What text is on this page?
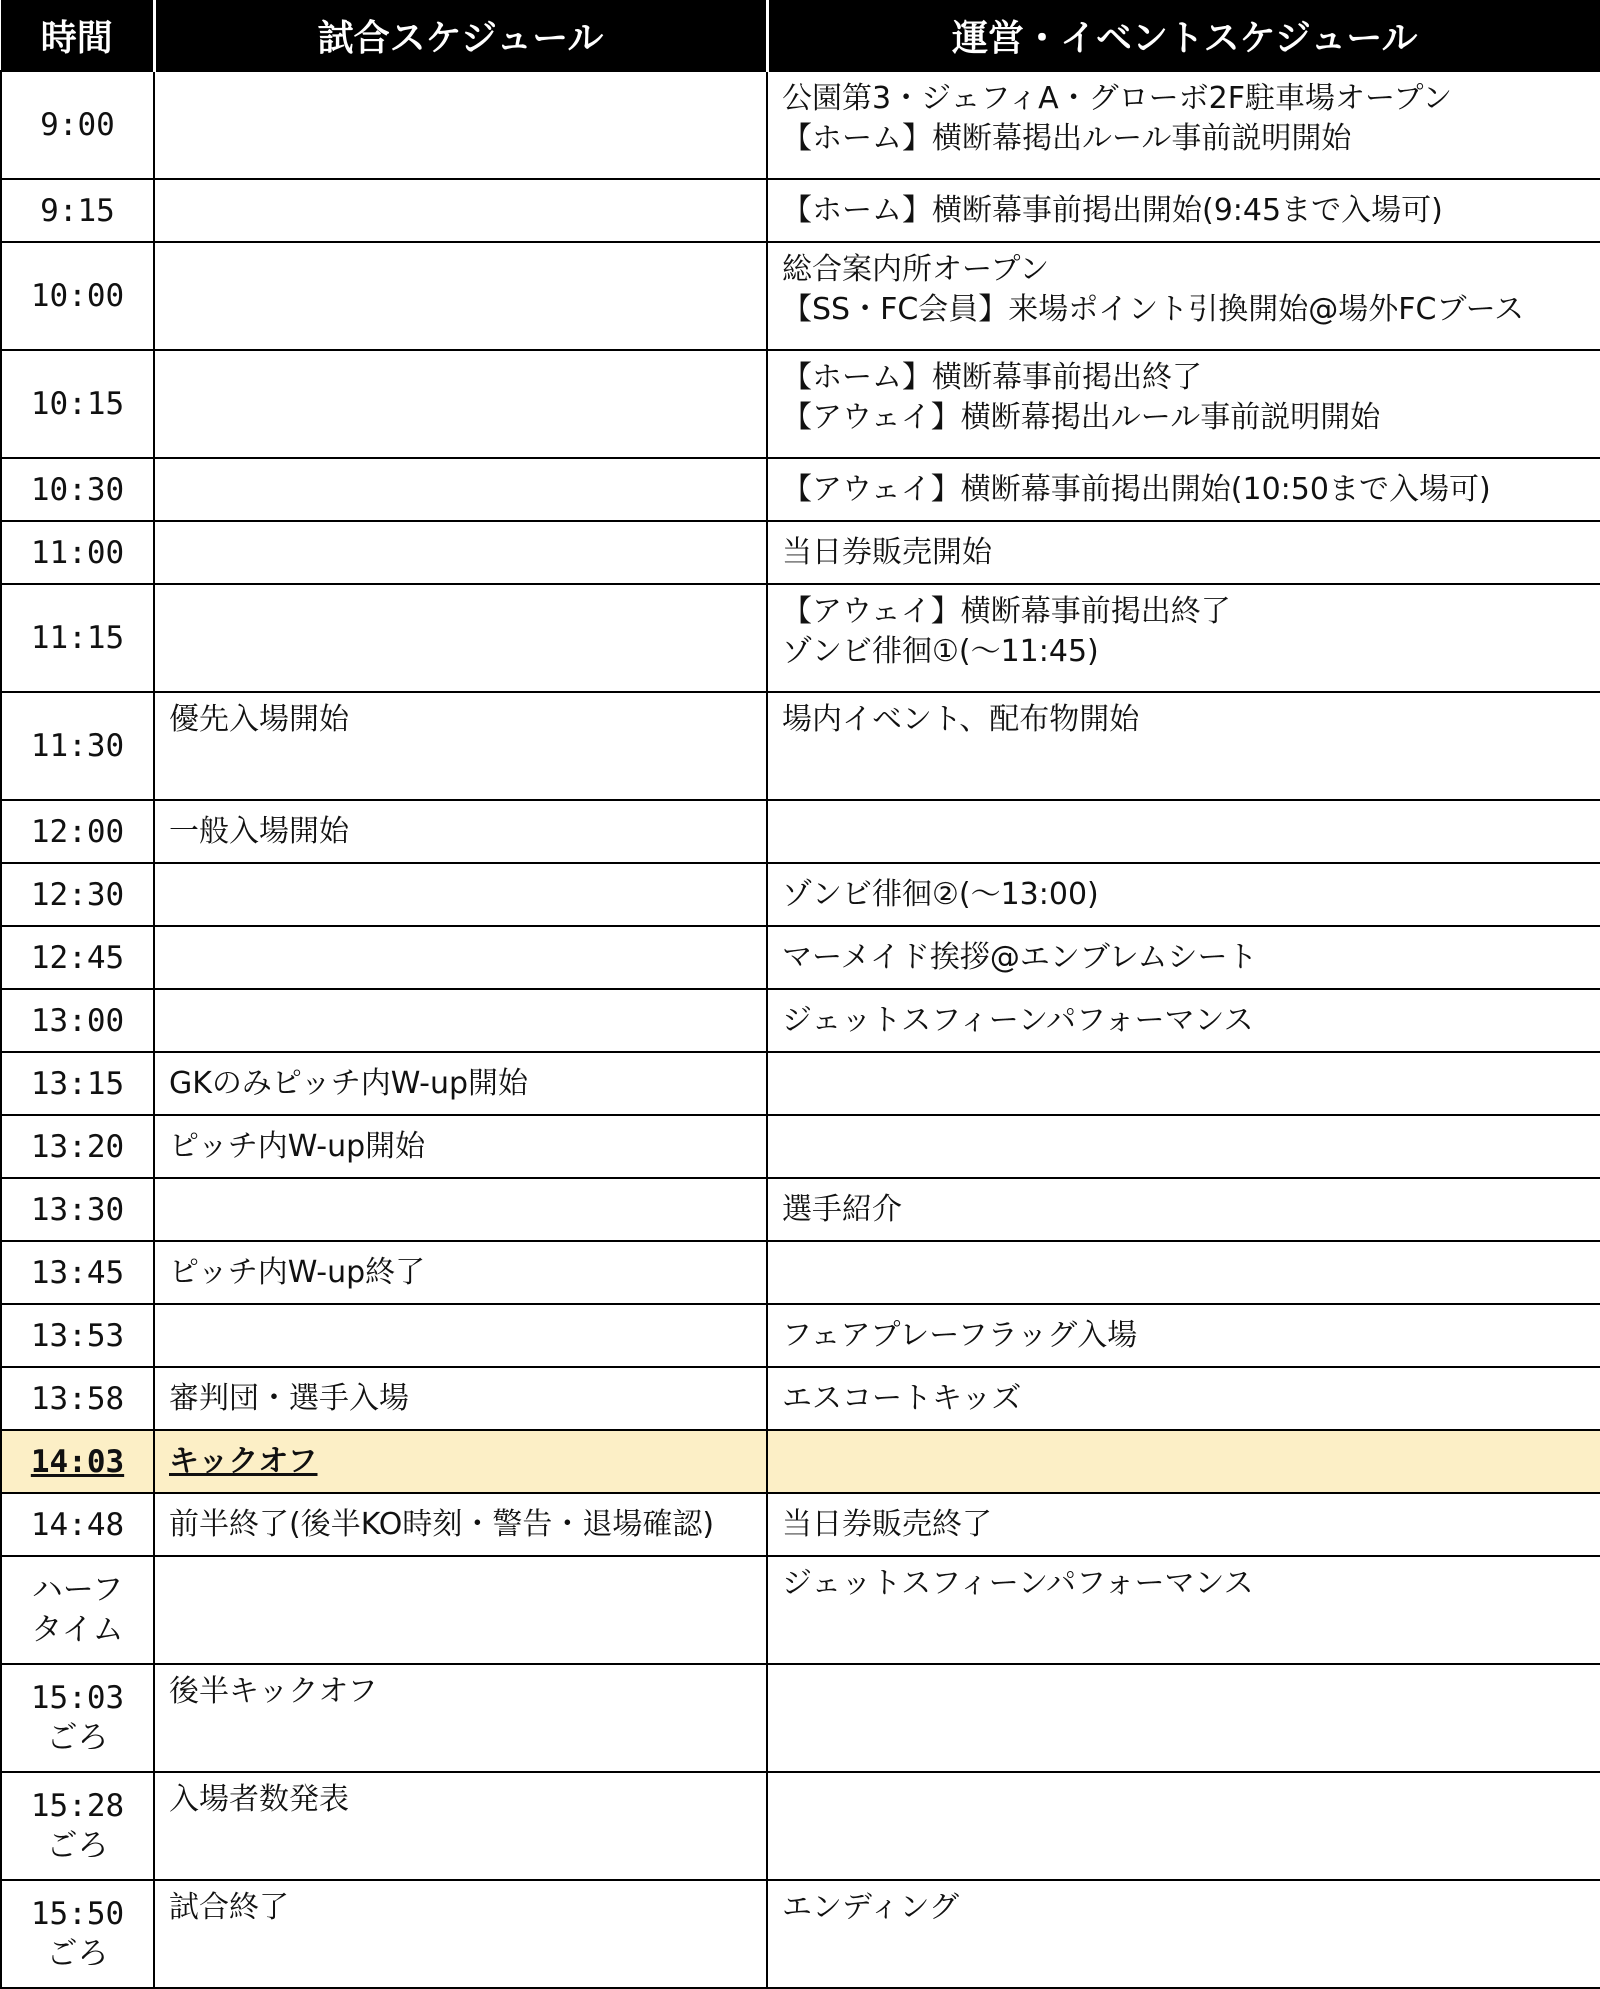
時間	試合スケジュール	運営・イベントスケジュール
9:00		公園第3・ジェフィA・グローボ2F駐車場オープン
【ホーム】横断幕掲出ルール事前説明開始
9:15		【ホーム】横断幕事前掲出開始(9:45まで入場可)
10:00		総合案内所オープン
【SS・FC会員】来場ポイント引換開始@場外FCブース
10:15		【ホーム】横断幕事前掲出終了
【アウェイ】横断幕掲出ルール事前説明開始
10:30		【アウェイ】横断幕事前掲出開始(10:50まで入場可)
11:00		当日券販売開始
11:15		【アウェイ】横断幕事前掲出終了
ゾンビ徘徊①(～11:45)
11:30	優先入場開始	場内イベント、配布物開始
12:00	一般入場開始	
12:30		ゾンビ徘徊②(～13:00)
12:45		マーメイド挨拶@エンブレムシート
13:00		ジェットスフィーンパフォーマンス
13:15	GKのみピッチ内W-up開始	
13:20	ピッチ内W-up開始	
13:30		選手紹介
13:45	ピッチ内W-up終了	
13:53		フェアプレーフラッグ入場
13:58	審判団・選手入場	エスコートキッズ
14:03	キックオフ	
14:48	前半終了(後半KO時刻・警告・退場確認)	当日券販売終了
ハーフ
タイム		ジェットスフィーンパフォーマンス
15:03
ごろ	後半キックオフ	
15:28
ごろ	入場者数発表	
15:50
ごろ	試合終了	エンディング
